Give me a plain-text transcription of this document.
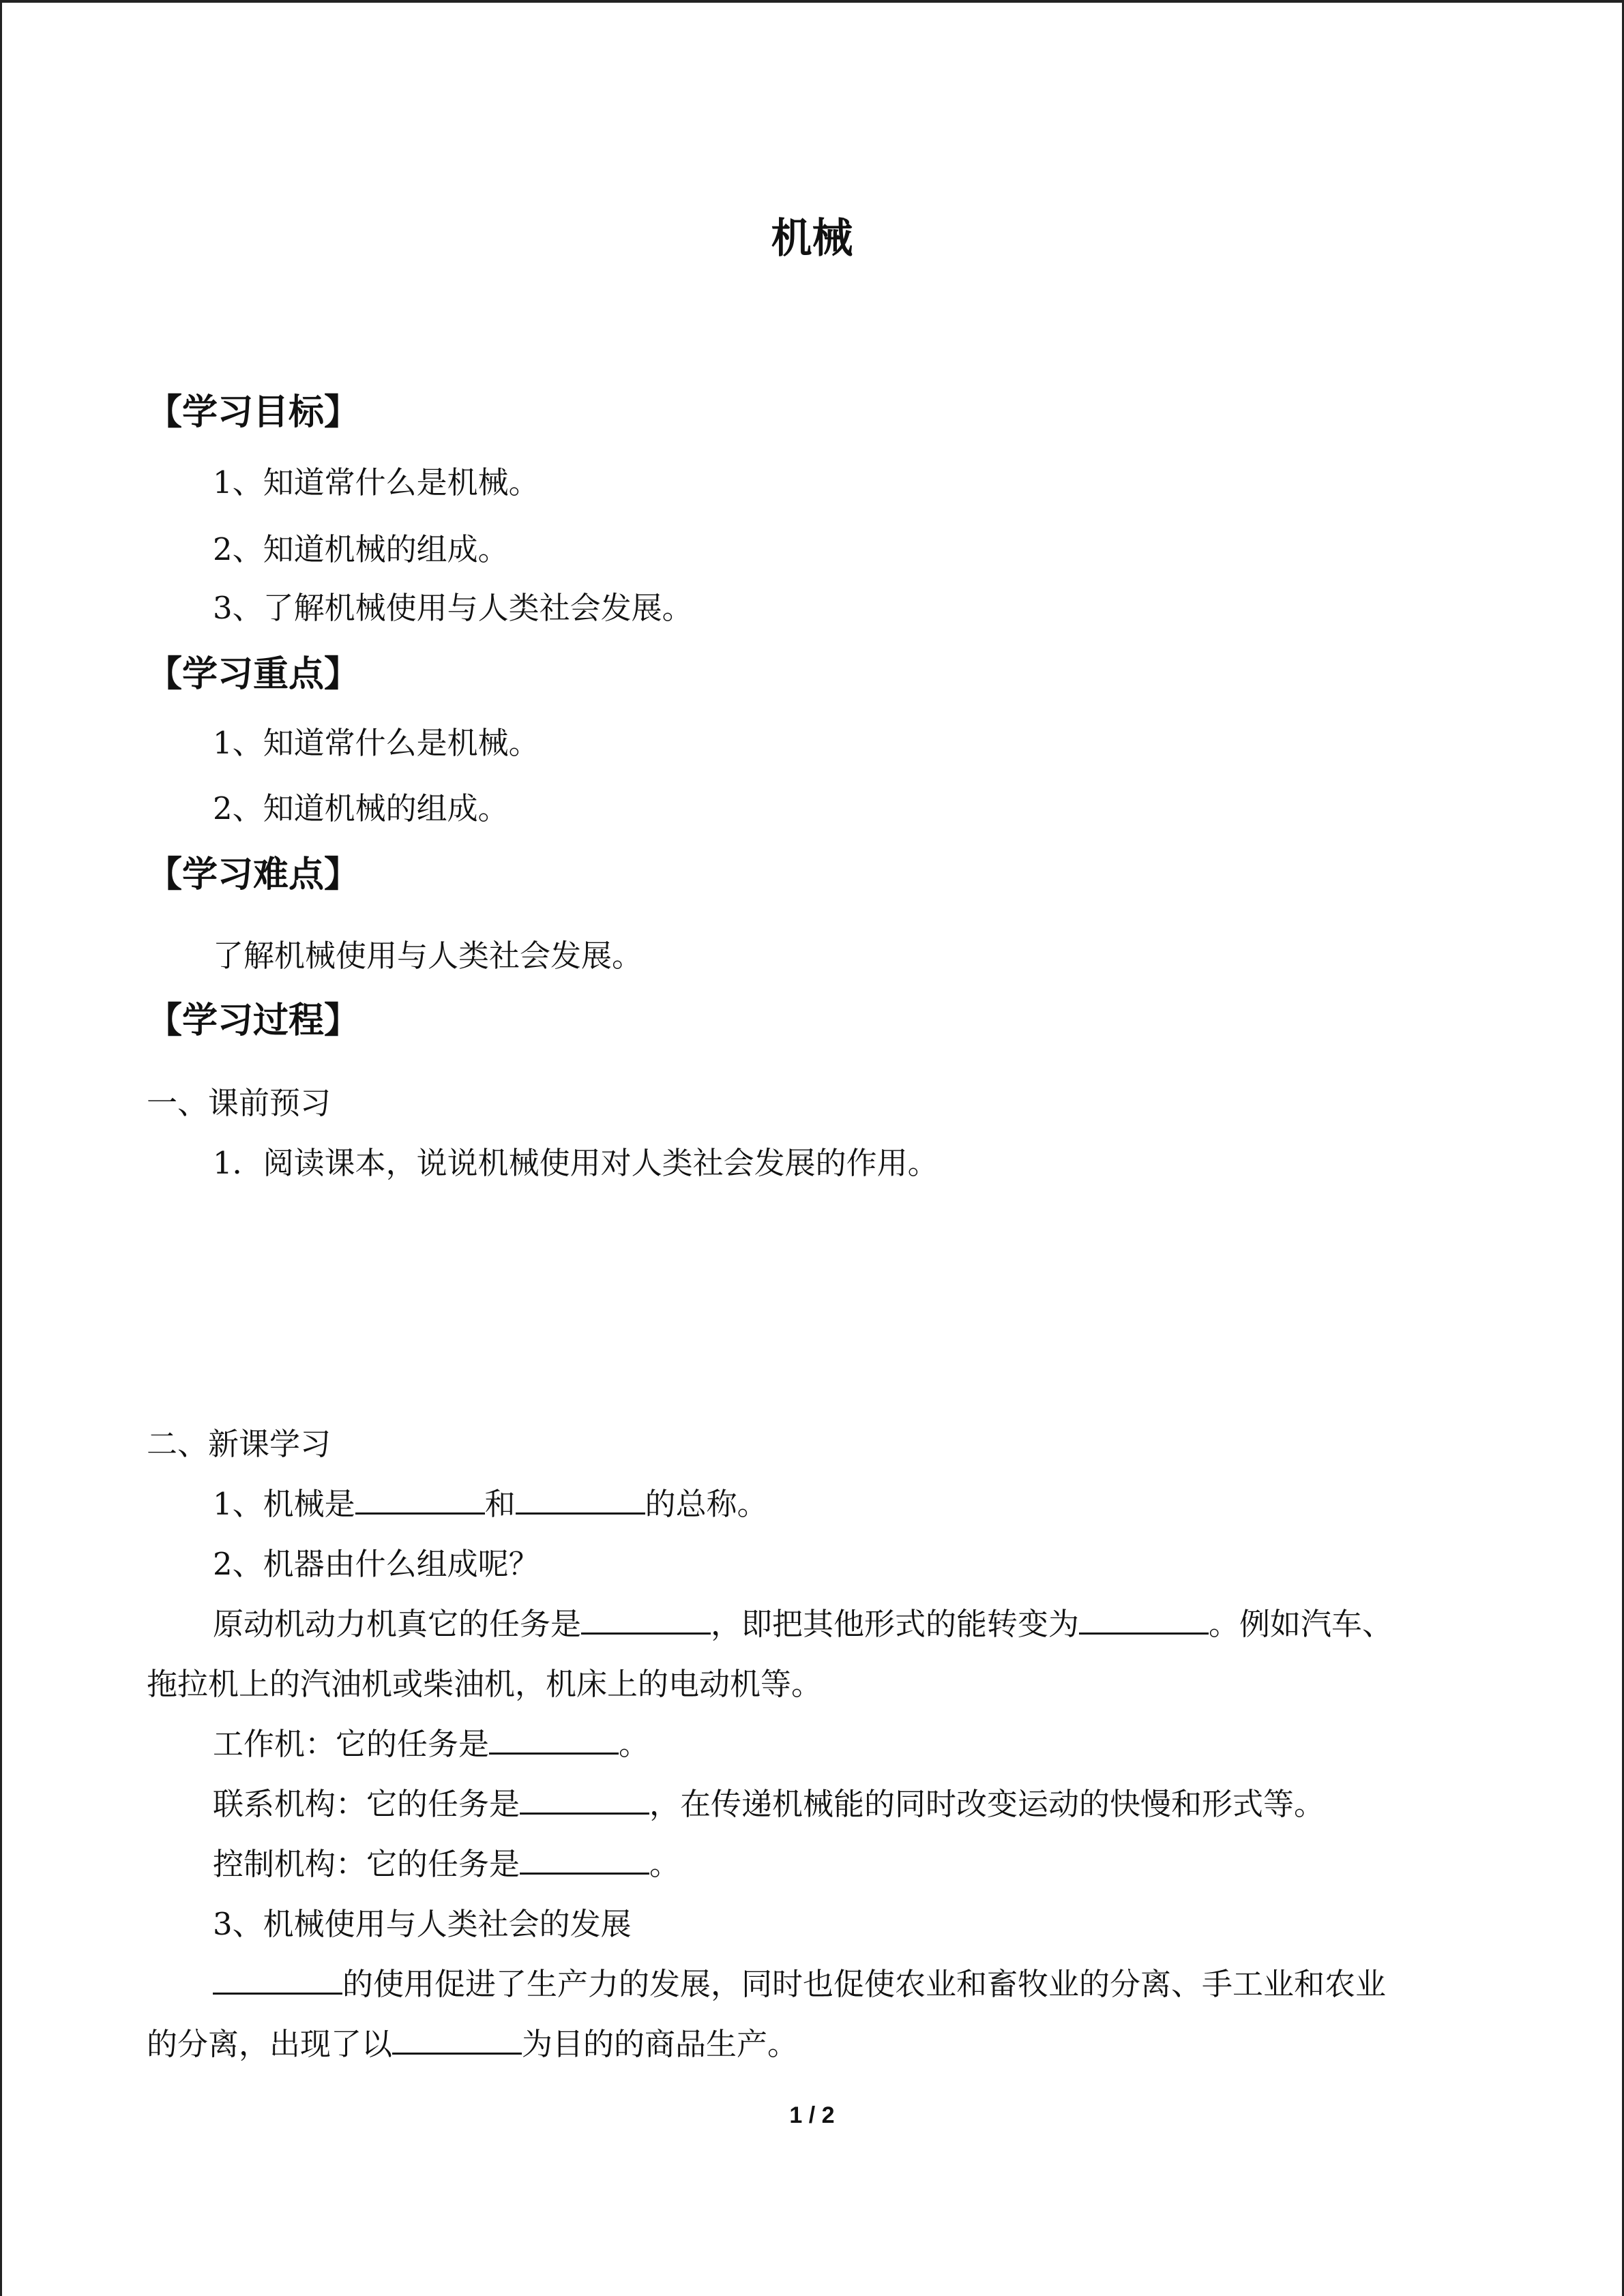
机械
【学习目标】
1、知道常什么是机械。
2、知道机械的组成。
3、了解机械使用与人类社会发展。
【学习重点】
1、知道常什么是机械。
2、知道机械的组成。
【学习难点】
了解机械使用与人类社会发展。
【学习过程】
一、课前预习
1．阅读课本，说说机械使用对人类社会发展的作用。
二、新课学习
1、机械是	和	的总称。
2、机器由什么组成呢？
原动机动力机真它的任务是	，即把其他形式的能转变为	。例如汽车、
拖拉机上的汽油机或柴油机，机床上的电动机等。
工作机：它的任务是	。
联系机构：它的任务是	，在传递机械能的同时改变运动的快慢和形式等。
控制机构：它的任务是	。
3、机械使用与人类社会的发展
的使用促进了生产力的发展，同时也促使农业和畜牧业的分离、手工业和农业
的分离，出现了以	为目的的商品生产。
1 / 2
